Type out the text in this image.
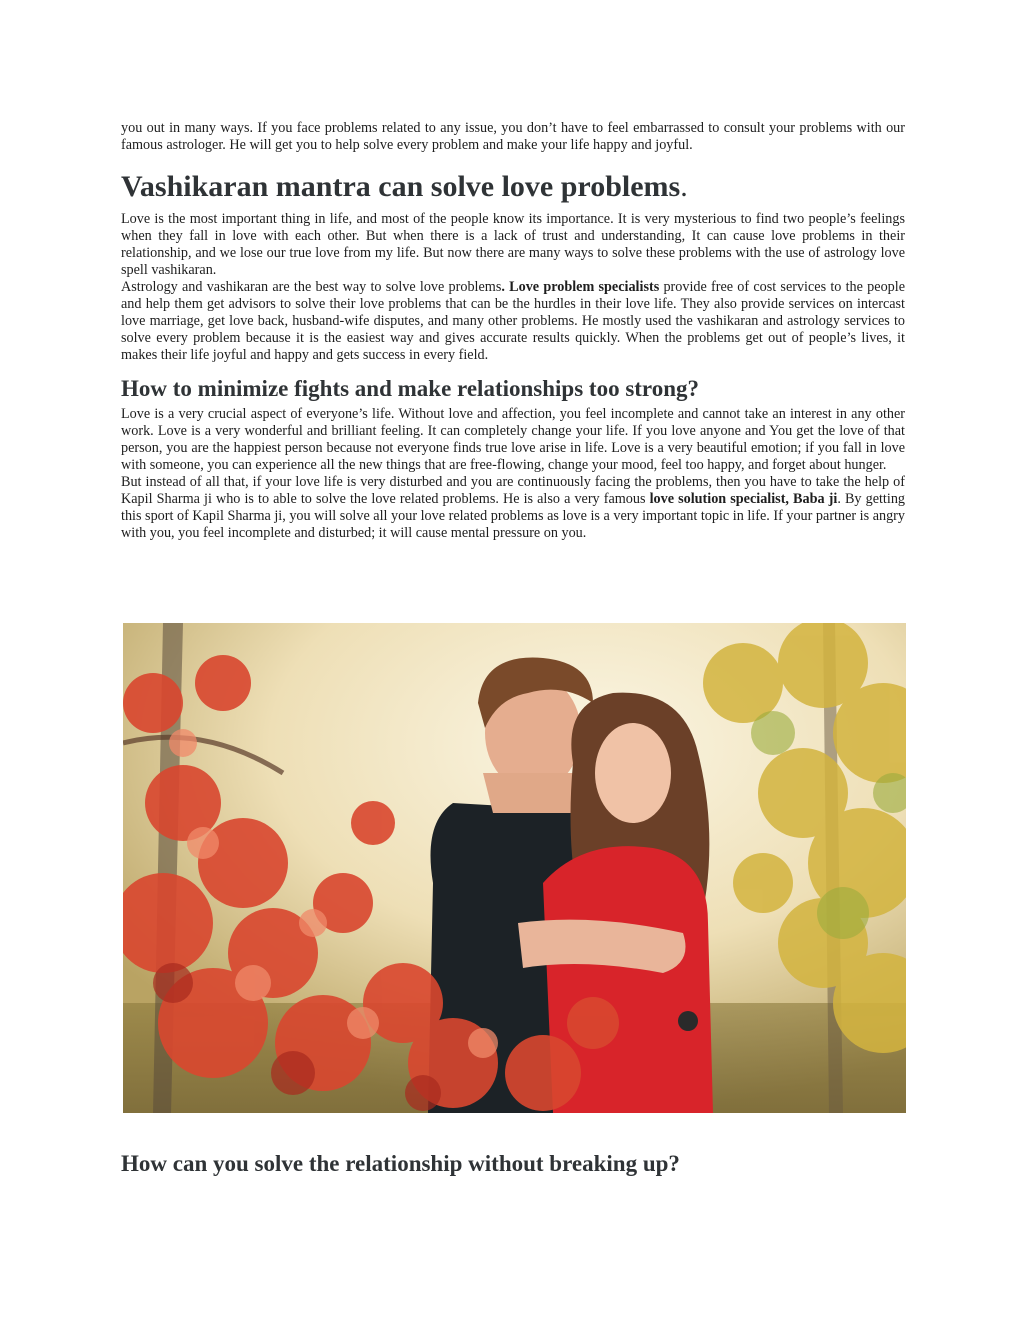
you out in many ways. If you face problems related to any issue, you don’t have to feel embarrassed to consult your problems with our famous astrologer. He will get you to help solve every problem and make your life happy and joyful.

Vashikaran mantra can solve love problems.

Love is the most important thing in life, and most of the people know its importance. It is very mysterious to find two people’s feelings when they fall in love with each other. But when there is a lack of trust and understanding, It can cause love problems in their relationship, and we lose our true love from my life. But now there are many ways to solve these problems with the use of astrology love spell vashikaran.

Astrology and vashikaran are the best way to solve love problems. Love problem specialists provide free of cost services to the people and help them get advisors to solve their love problems that can be the hurdles in their love life. They also provide services on intercast love marriage, get love back, husband-wife disputes, and many other problems. He mostly used the vashikaran and astrology services to solve every problem because it is the easiest way and gives accurate results quickly. When the problems get out of people’s lives, it makes their life joyful and happy and gets success in every field.

How to minimize fights and make relationships too strong?

Love is a very crucial aspect of everyone’s life. Without love and affection, you feel incomplete and cannot take an interest in any other work. Love is a very wonderful and brilliant feeling. It can completely change your life. If you love anyone and You get the love of that person, you are the happiest person because not everyone finds true love arise in life. Love is a very beautiful emotion; if you fall in love with someone, you can experience all the new things that are free-flowing, change your mood, feel too happy, and forget about hunger.

But instead of all that, if your love life is very disturbed and you are continuously facing the problems, then you have to take the help of Kapil Sharma ji who is to able to solve the love related problems. He is also a very famous love solution specialist, Baba ji. By getting this sport of Kapil Sharma ji, you will solve all your love related problems as love is a very important topic in life. If your partner is angry with you, you feel incomplete and disturbed; it will cause mental pressure on you.

How can you solve the relationship without breaking up?
